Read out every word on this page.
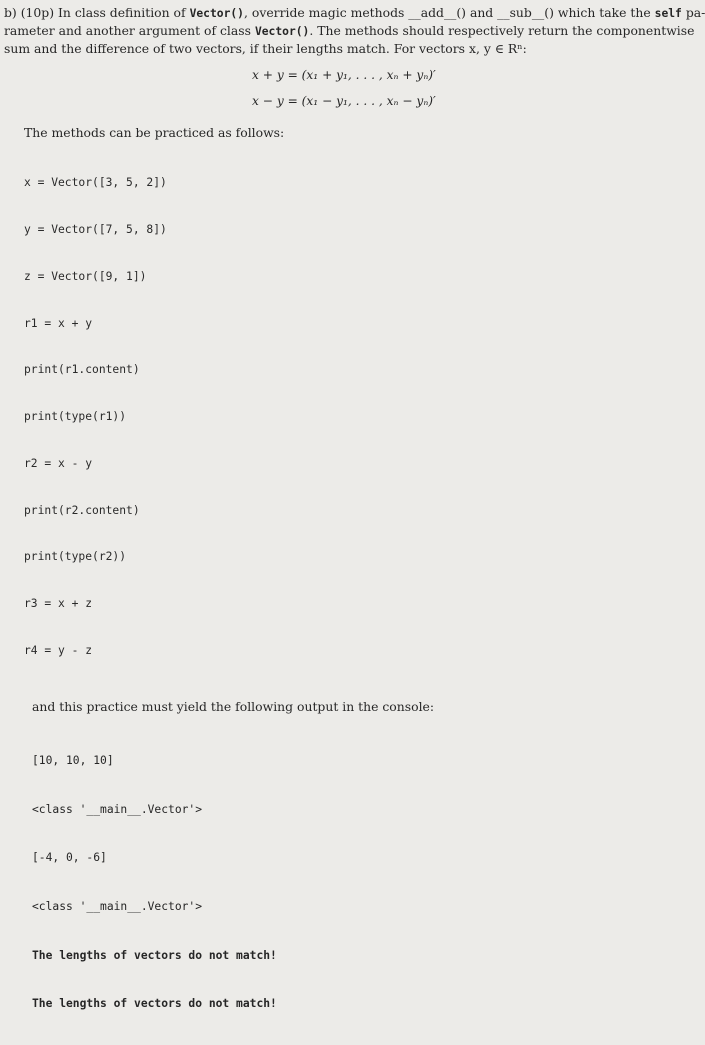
b) (10p) In class definition of Vector(), override magic methods __add__() and __sub__() which take the self pa-

rameter and another argument of class Vector(). The methods should respectively return the componentwise

sum and the difference of two vectors, if their lengths match. For vectors x, y ∈ Rⁿ:

x + y = (x₁ + y₁, . . . , xₙ + yₙ)′
x − y = (x₁ − y₁, . . . , xₙ − yₙ)′
The methods can be practiced as follows:

x = Vector([3, 5, 2])

y = Vector([7, 5, 8])

z = Vector([9, 1])

r1 = x + y

print(r1.content)

print(type(r1))

r2 = x - y

print(r2.content)

print(type(r2))

r3 = x + z

r4 = y - z

and this practice must yield the following output in the console:

[10, 10, 10]

<class '__main__.Vector'>

[-4, 0, -6]

<class '__main__.Vector'>

The lengths of vectors do not match!

The lengths of vectors do not match!
